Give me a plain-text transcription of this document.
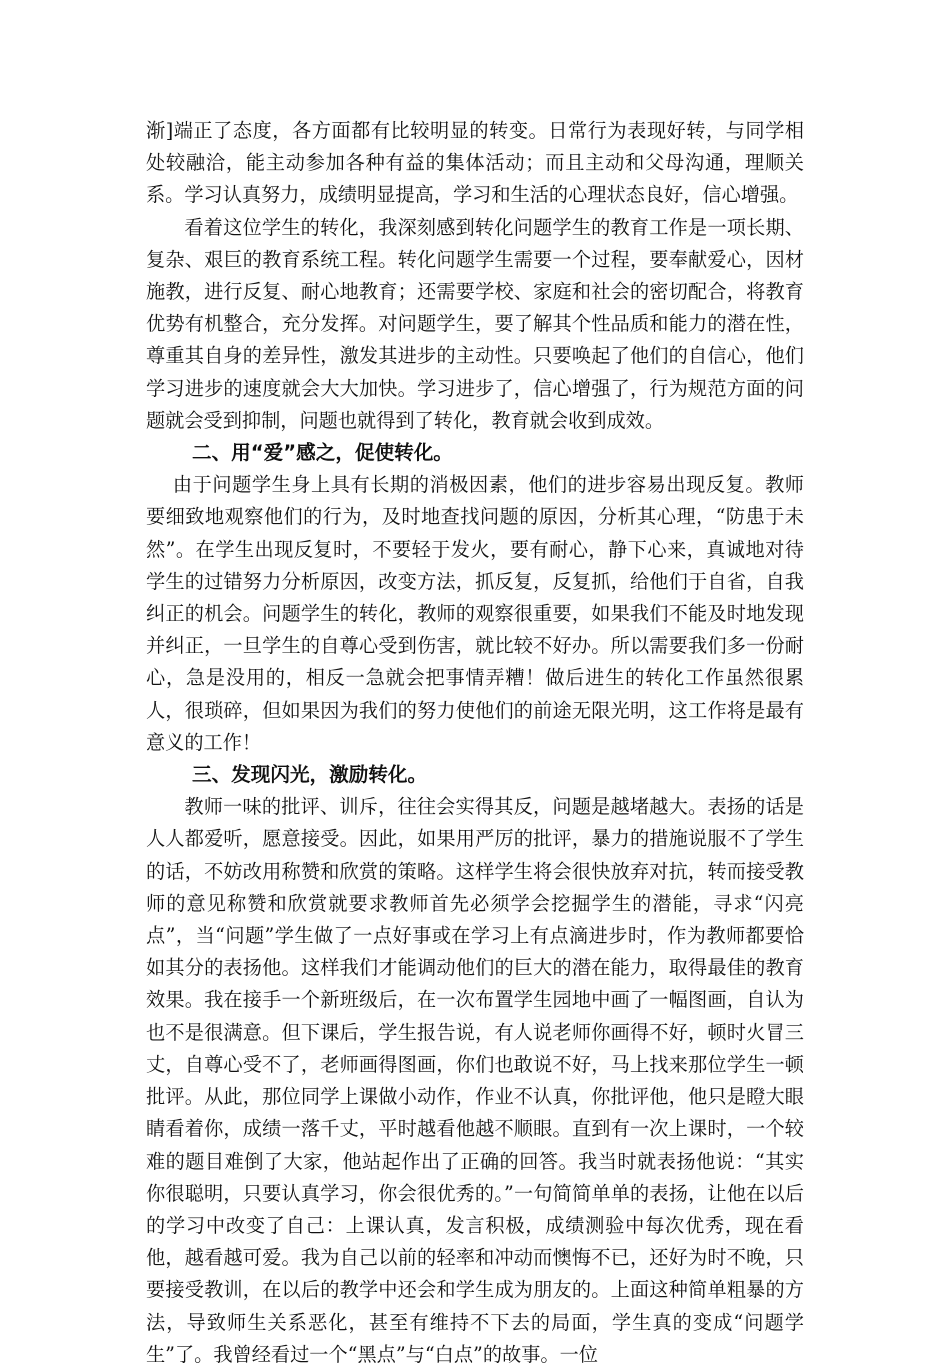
渐]端正了态度，各方面都有比较明显的转变。日常行为表现好转，与同学相处较融洽，能主动参加各种有益的集体活动；而且主动和父母沟通，理顺关系。学习认真努力，成绩明显提高，学习和生活的心理状态良好，信心增强。

看着这位学生的转化，我深刻感到转化问题学生的教育工作是一项长期、复杂、艰巨的教育系统工程。转化问题学生需要一个过程，要奉献爱心，因材施教，进行反复、耐心地教育；还需要学校、家庭和社会的密切配合，将教育优势有机整合，充分发挥。对问题学生，要了解其个性品质和能力的潜在性，尊重其自身的差异性，激发其进步的主动性。只要唤起了他们的自信心，他们学习进步的速度就会大大加快。学习进步了，信心增强了，行为规范方面的问题就会受到抑制，问题也就得到了转化，教育就会收到成效。

二、用“爱”感之，促使转化。

由于问题学生身上具有长期的消极因素，他们的进步容易出现反复。教师要细致地观察他们的行为，及时地查找问题的原因，分析其心理，“防患于未然”。在学生出现反复时，不要轻于发火，要有耐心，静下心来，真诚地对待学生的过错努力分析原因，改变方法，抓反复，反复抓，给他们于自省，自我纠正的机会。问题学生的转化，教师的观察很重要，如果我们不能及时地发现并纠正，一旦学生的自尊心受到伤害，就比较不好办。所以需要我们多一份耐心，急是没用的，相反一急就会把事情弄糟！做后进生的转化工作虽然很累人，很琐碎，但如果因为我们的努力使他们的前途无限光明，这工作将是最有意义的工作！

三、发现闪光，激励转化。

教师一味的批评、训斥，往往会实得其反，问题是越堵越大。表扬的话是人人都爱听，愿意接受。因此，如果用严厉的批评，暴力的措施说服不了学生的话，不妨改用称赞和欣赏的策略。这样学生将会很快放弃对抗，转而接受教师的意见称赞和欣赏就要求教师首先必须学会挖掘学生的潜能，寻求“闪亮点”，当“问题”学生做了一点好事或在学习上有点滴进步时，作为教师都要恰如其分的表扬他。这样我们才能调动他们的巨大的潜在能力，取得最佳的教育效果。我在接手一个新班级后，在一次布置学生园地中画了一幅图画，自认为也不是很满意。但下课后，学生报告说，有人说老师你画得不好，顿时火冒三丈，自尊心受不了，老师画得图画，你们也敢说不好，马上找来那位学生一顿批评。从此，那位同学上课做小动作，作业不认真，你批评他，他只是瞪大眼睛看着你，成绩一落千丈，平时越看他越不顺眼。直到有一次上课时，一个较难的题目难倒了大家，他站起作出了正确的回答。我当时就表扬他说：“其实你很聪明，只要认真学习，你会很优秀的。”一句简简单单的表扬，让他在以后的学习中改变了自己：上课认真，发言积极，成绩测验中每次优秀，现在看他，越看越可爱。我为自己以前的轻率和冲动而懊悔不已，还好为时不晚，只要接受教训，在以后的教学中还会和学生成为朋友的。上面这种简单粗暴的方法，导致师生关系恶化，甚至有维持不下去的局面，学生真的变成“问题学生”了。我曾经看过一个“黑点”与“白点”的故事。一位
